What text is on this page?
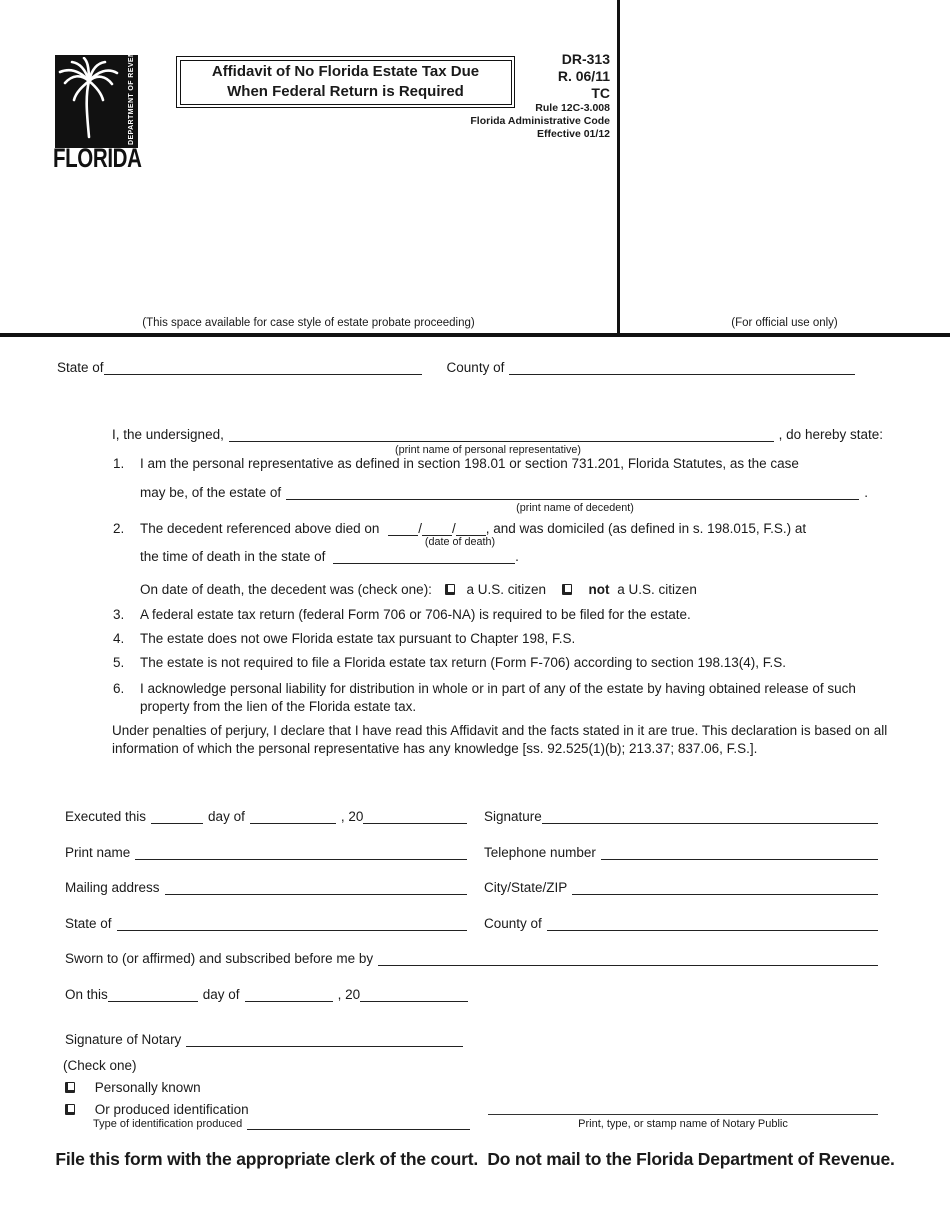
DEPARTMENT OF REVENUE
FLORIDA
Affidavit of No Florida Estate Tax Due
When Federal Return is Required
DR-313
R. 06/11
TC
Rule 12C-3.008
Florida Administrative Code
Effective 01/12
(This space available for case style of estate probate proceeding)	(For official use only)
State of	County of
I, the undersigned,	, do hereby state:
(print name of personal representative)
1. I am the personal representative as defined in section 198.01 or section 731.201, Florida Statutes, as the case
may be, of the estate of	.
(print name of decedent)
2. The decedent referenced above died on	/ / , and was domiciled (as defined in s. 198.015, F.S.) at
the time of death in the state of	.
(date of death)
On date of death, the decedent was (check one):	a U.S. citizen	not a U.S. citizen
3. A federal estate tax return (federal Form 706 or 706-NA) is required to be filed for the estate.
4. The estate does not owe Florida estate tax pursuant to Chapter 198, F.S.
5. The estate is not required to file a Florida estate tax return (Form F-706) according to section 198.13(4), F.S.
6. I acknowledge personal liability for distribution in whole or in part of any of the estate by having obtained release of such property from the lien of the Florida estate tax.
Under penalties of perjury, I declare that I have read this Affidavit and the facts stated in it are true. This declaration is based on all information of which the personal representative has any knowledge [ss. 92.525(1)(b); 213.37; 837.06, F.S.].
Executed this	day of	, 20	Signature
Print name	Telephone number
Mailing address	City/State/ZIP
State of	County of
Sworn to (or affirmed) and subscribed before me by
On this	day of	, 20
Signature of Notary
(Check one)
Personally known
Or produced identification
Type of identification produced	Print, type, or stamp name of Notary Public
File this form with the appropriate clerk of the court.  Do not mail to the Florida Department of Revenue.
